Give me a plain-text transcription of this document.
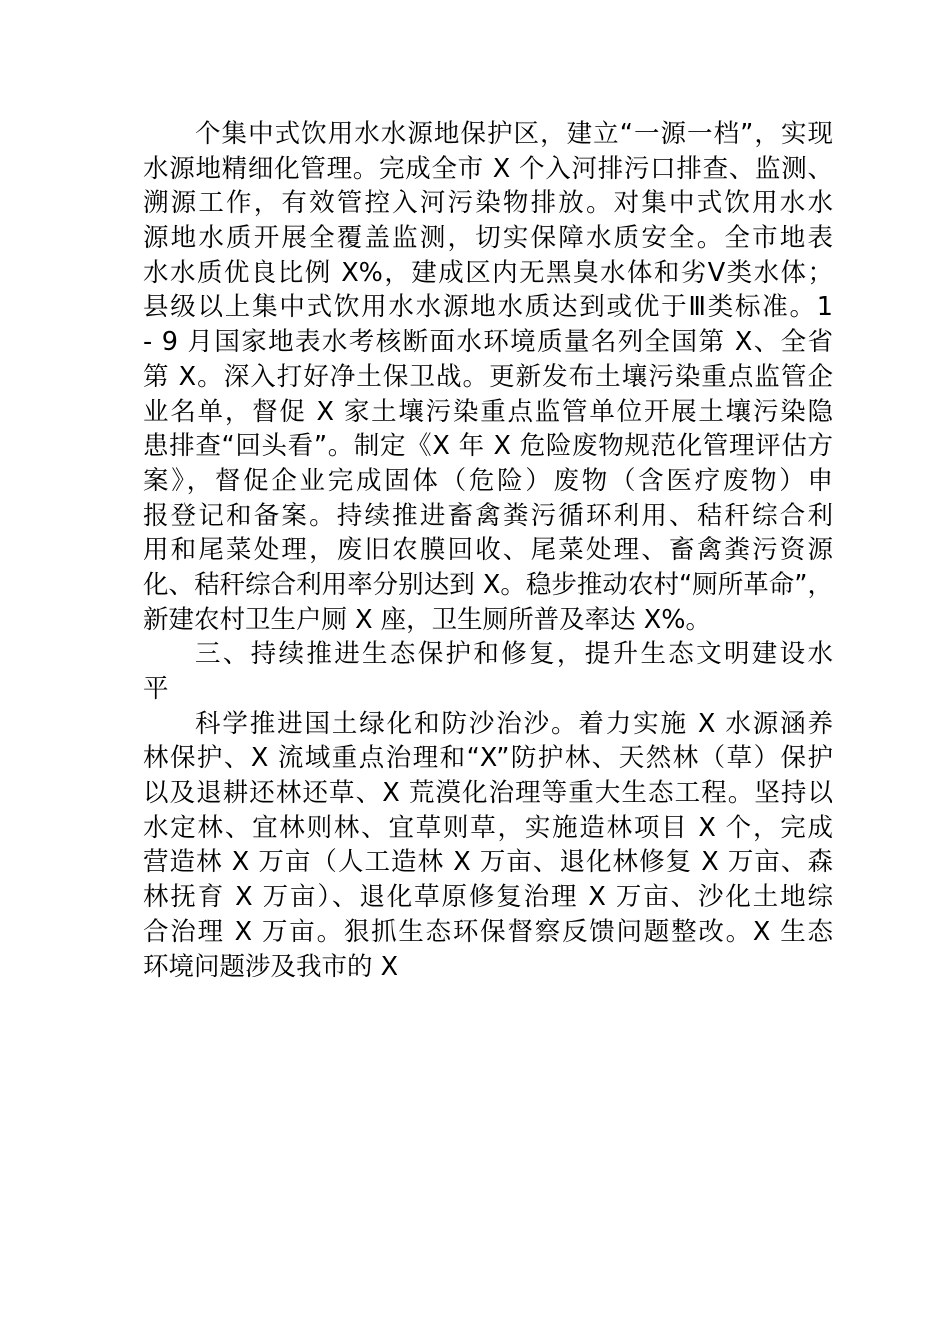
个集中式饮用水水源地保护区，建立“一源一档”，实现
水源地精细化管理。完成全市 X 个入河排污口排查、监测、
溯源工作，有效管控入河污染物排放。对集中式饮用水水
源地水质开展全覆盖监测，切实保障水质安全。全市地表
水水质优良比例 X%，建成区内无黑臭水体和劣Ⅴ类水体；
县级以上集中式饮用水水源地水质达到或优于Ⅲ类标准。1
- 9 月国家地表水考核断面水环境质量名列全国第 X、全省
第 X。深入打好净土保卫战。更新发布土壤污染重点监管企
业名单，督促 X 家土壤污染重点监管单位开展土壤污染隐
患排查“回头看”。制定《X 年 X 危险废物规范化管理评估方
案》，督促企业完成固体（危险）废物（含医疗废物）申
报登记和备案。持续推进畜禽粪污循环利用、秸秆综合利
用和尾菜处理，废旧农膜回收、尾菜处理、畜禽粪污资源
化、秸秆综合利用率分别达到 X。稳步推动农村“厕所革命”，
新建农村卫生户厕 X 座，卫生厕所普及率达 X%。
三、持续推进生态保护和修复，提升生态文明建设水
平
科学推进国土绿化和防沙治沙。着力实施 X 水源涵养
林保护、X 流域重点治理和“X”防护林、天然林（草）保护
以及退耕还林还草、X 荒漠化治理等重大生态工程。坚持以
水定林、宜林则林、宜草则草，实施造林项目 X 个，完成
营造林 X 万亩（人工造林 X 万亩、退化林修复 X 万亩、森
林抚育 X 万亩）、退化草原修复治理 X 万亩、沙化土地综
合治理 X 万亩。狠抓生态环保督察反馈问题整改。X 生态
环境问题涉及我市的 X
